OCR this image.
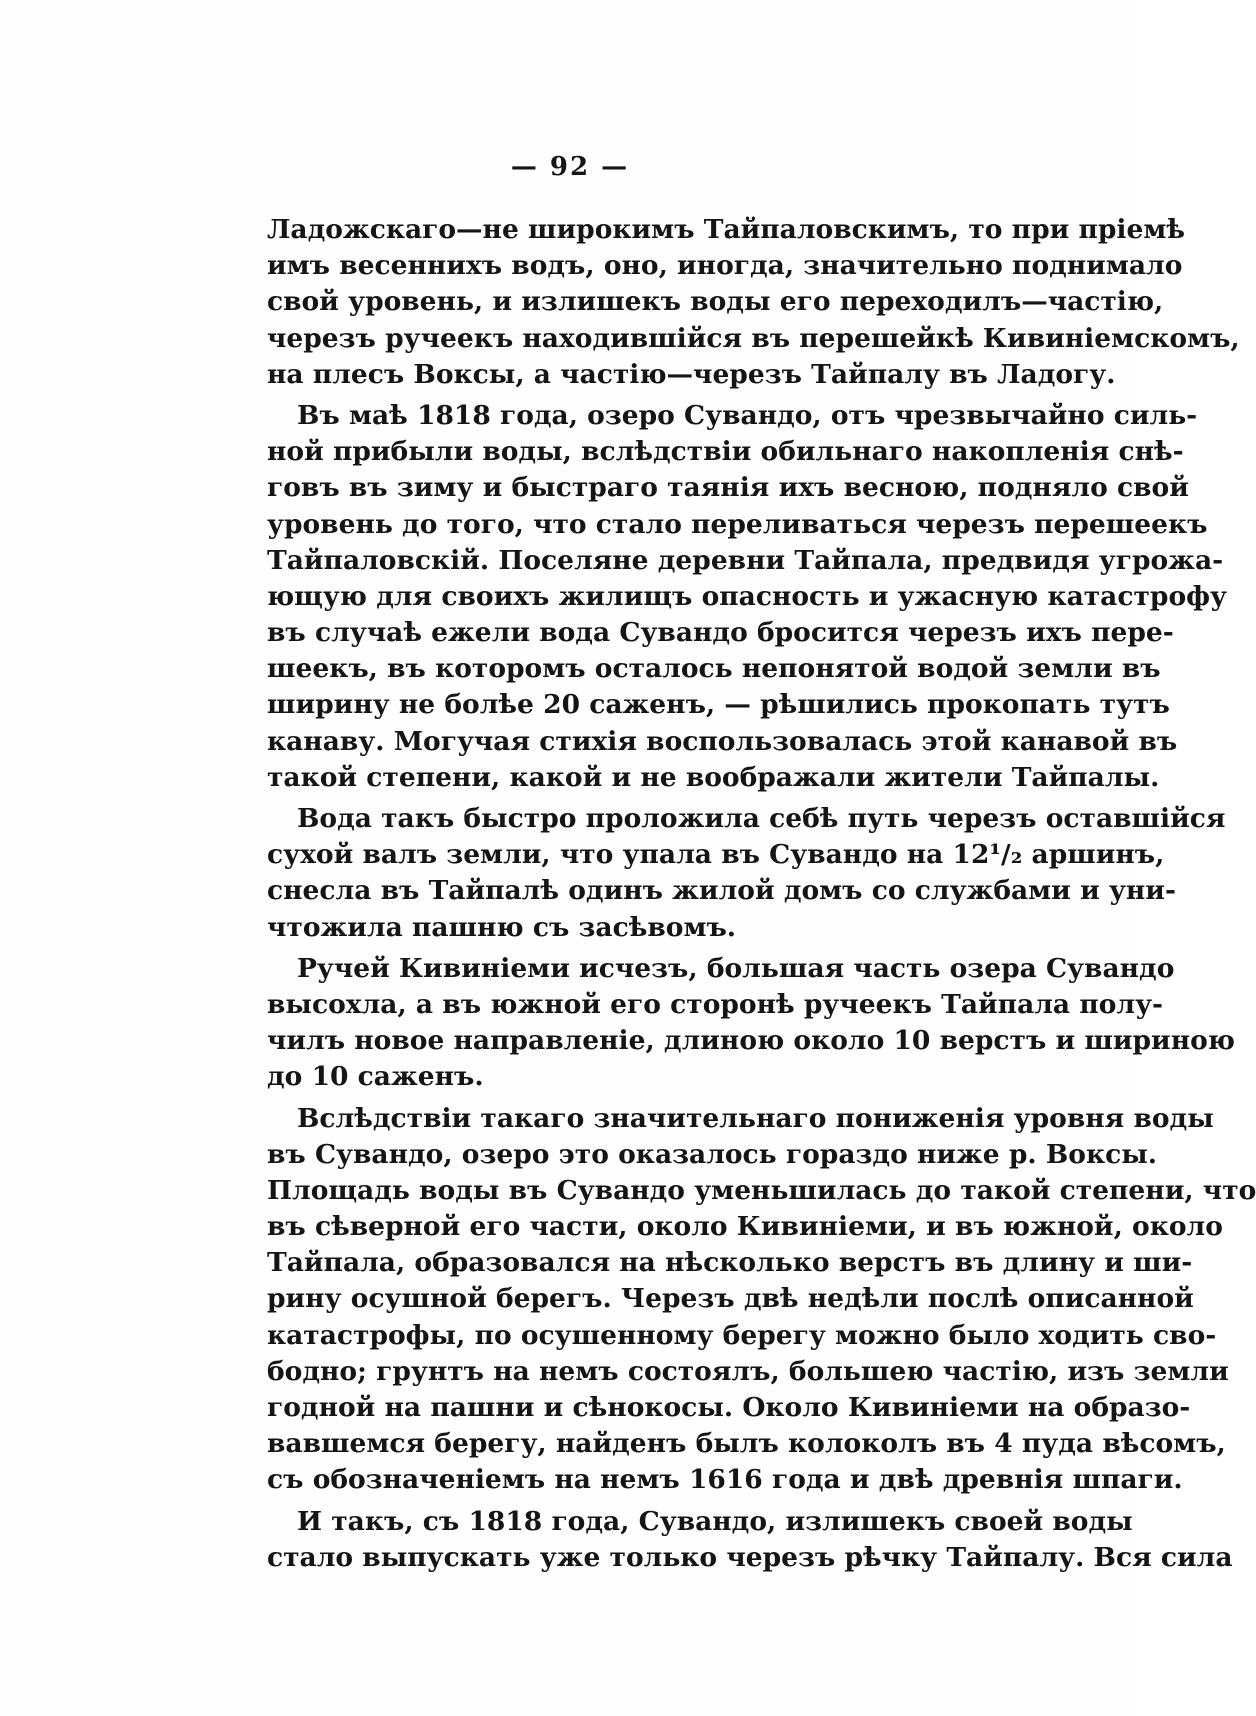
— 92 —
Ладожскаго—не широкимъ Тайпаловскимъ, то при пріемѣ
имъ весеннихъ водъ, оно, иногда, значительно поднимало
свой уровень, и излишекъ воды его переходилъ—частію,
черезъ ручеекъ находившійся въ перешейкѣ Кивиніемскомъ,
на плесъ Воксы, а частію—черезъ Тайпалу въ Ладогу.
Въ маѣ 1818 года, озеро Сувандо, отъ чрезвычайно силь-
ной прибыли воды, вслѣдствіи обильнаго накопленія снѣ-
говъ въ зиму и быстраго таянія ихъ весною, подняло свой
уровень до того, что стало переливаться черезъ перешеекъ
Тайпаловскій. Поселяне деревни Тайпала, предвидя угрожа-
ющую для своихъ жилищъ опасность и ужасную катастрофу
въ случаѣ ежели вода Сувандо бросится черезъ ихъ пере-
шеекъ, въ которомъ осталось непонятой водой земли въ
ширину не болѣе 20 саженъ, — рѣшились прокопать тутъ
канаву. Могучая стихія воспользовалась этой канавой въ
такой степени, какой и не воображали жители Тайпалы.
Вода такъ быстро проложила себѣ путь черезъ оставшійся
сухой валъ земли, что упала въ Сувандо на 12¹/₂ аршинъ,
снесла въ Тайпалѣ одинъ жилой домъ со службами и уни-
чтожила пашню съ засѣвомъ.
Ручей Кивиніеми исчезъ, большая часть озера Сувандо
высохла, а въ южной его сторонѣ ручеекъ Тайпала полу-
чилъ новое направленіе, длиною около 10 верстъ и шириною
до 10 саженъ.
Вслѣдствіи такаго значительнаго пониженія уровня воды
въ Сувандо, озеро это оказалось гораздо ниже р. Воксы.
Площадь воды въ Сувандо уменьшилась до такой степени, что
въ сѣверной его части, около Кивиніеми, и въ южной, около
Тайпала, образовался на нѣсколько верстъ въ длину и ши-
рину осушной берегъ. Черезъ двѣ недѣли послѣ описанной
катастрофы, по осушенному берегу можно было ходить сво-
бодно; грунтъ на немъ состоялъ, большею частію, изъ земли
годной на пашни и сѣнокосы. Около Кивиніеми на образо-
вавшемся берегу, найденъ былъ колоколъ въ 4 пуда вѣсомъ,
съ обозначеніемъ на немъ 1616 года и двѣ древнія шпаги.
И такъ, съ 1818 года, Сувандо, излишекъ своей воды
стало выпускать уже только черезъ рѣчку Тайпалу. Вся сила
